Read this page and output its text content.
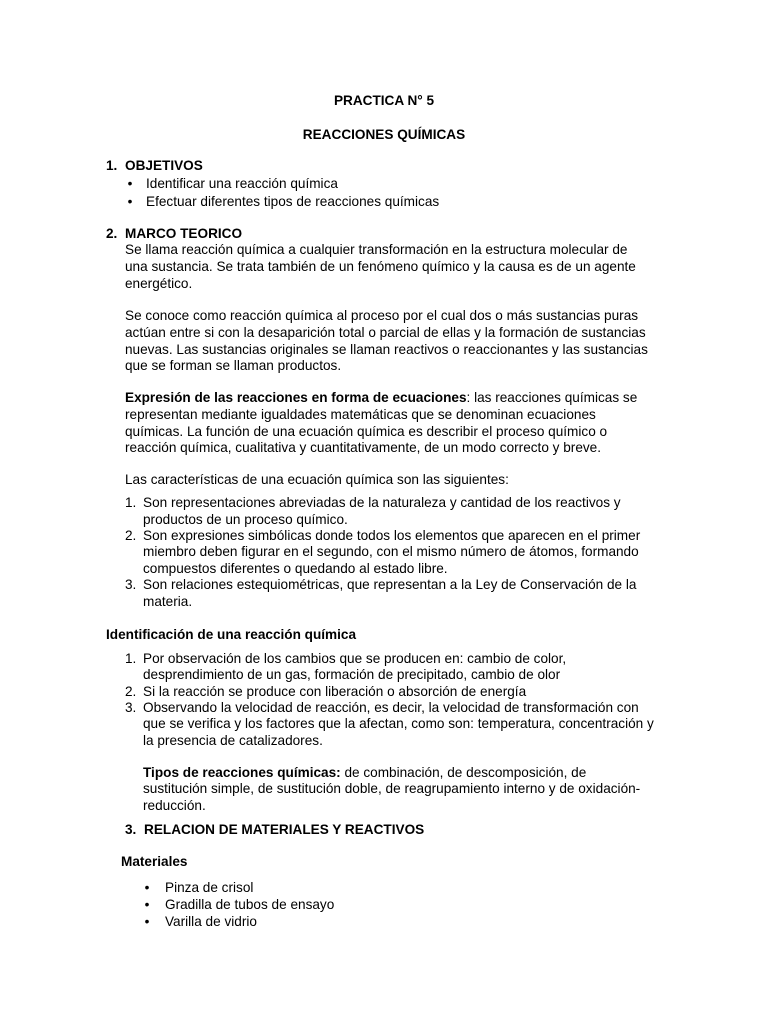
PRACTICA N° 5
REACCIONES QUÍMICAS
1. OBJETIVOS
•	Identificar una reacción química
•	Efectuar diferentes tipos de reacciones químicas
2. MARCO TEORICO
Se llama reacción química a cualquier transformación en la estructura molecular de
una sustancia. Se trata también de un fenómeno químico y la causa es de un agente
energético.
Se conoce como reacción química al proceso por el cual dos o más sustancias puras
actúan entre si con la desaparición total o parcial de ellas y la formación de sustancias
nuevas. Las sustancias originales se llaman reactivos o reaccionantes y las sustancias
que se forman se llaman productos.
Expresión de las reacciones en forma de ecuaciones: las reacciones químicas se
representan mediante igualdades matemáticas que se denominan ecuaciones
químicas. La función de una ecuación química es describir el proceso químico o
reacción química, cualitativa y cuantitativamente, de un modo correcto y breve.
Las características de una ecuación química son las siguientes:
1. Son representaciones abreviadas de la naturaleza y cantidad de los reactivos y
productos de un proceso químico.
2. Son expresiones simbólicas donde todos los elementos que aparecen en el primer
miembro deben figurar en el segundo, con el mismo número de átomos, formando
compuestos diferentes o quedando al estado libre.
3. Son relaciones estequiométricas, que representan a la Ley de Conservación de la
materia.
Identificación de una reacción química
1. Por observación de los cambios que se producen en: cambio de color,
desprendimiento de un gas, formación de precipitado, cambio de olor
2. Si la reacción se produce con liberación o absorción de energía
3. Observando la velocidad de reacción, es decir, la velocidad de transformación con
que se verifica y los factores que la afectan, como son: temperatura, concentración y
la presencia de catalizadores.
Tipos de reacciones químicas: de combinación, de descomposición, de
sustitución simple, de sustitución doble, de reagrupamiento interno y de oxidación-
reducción.
3. RELACION DE MATERIALES Y REACTIVOS
Materiales
•	Pinza de crisol
•	Gradilla de tubos de ensayo
•	Varilla de vidrio
